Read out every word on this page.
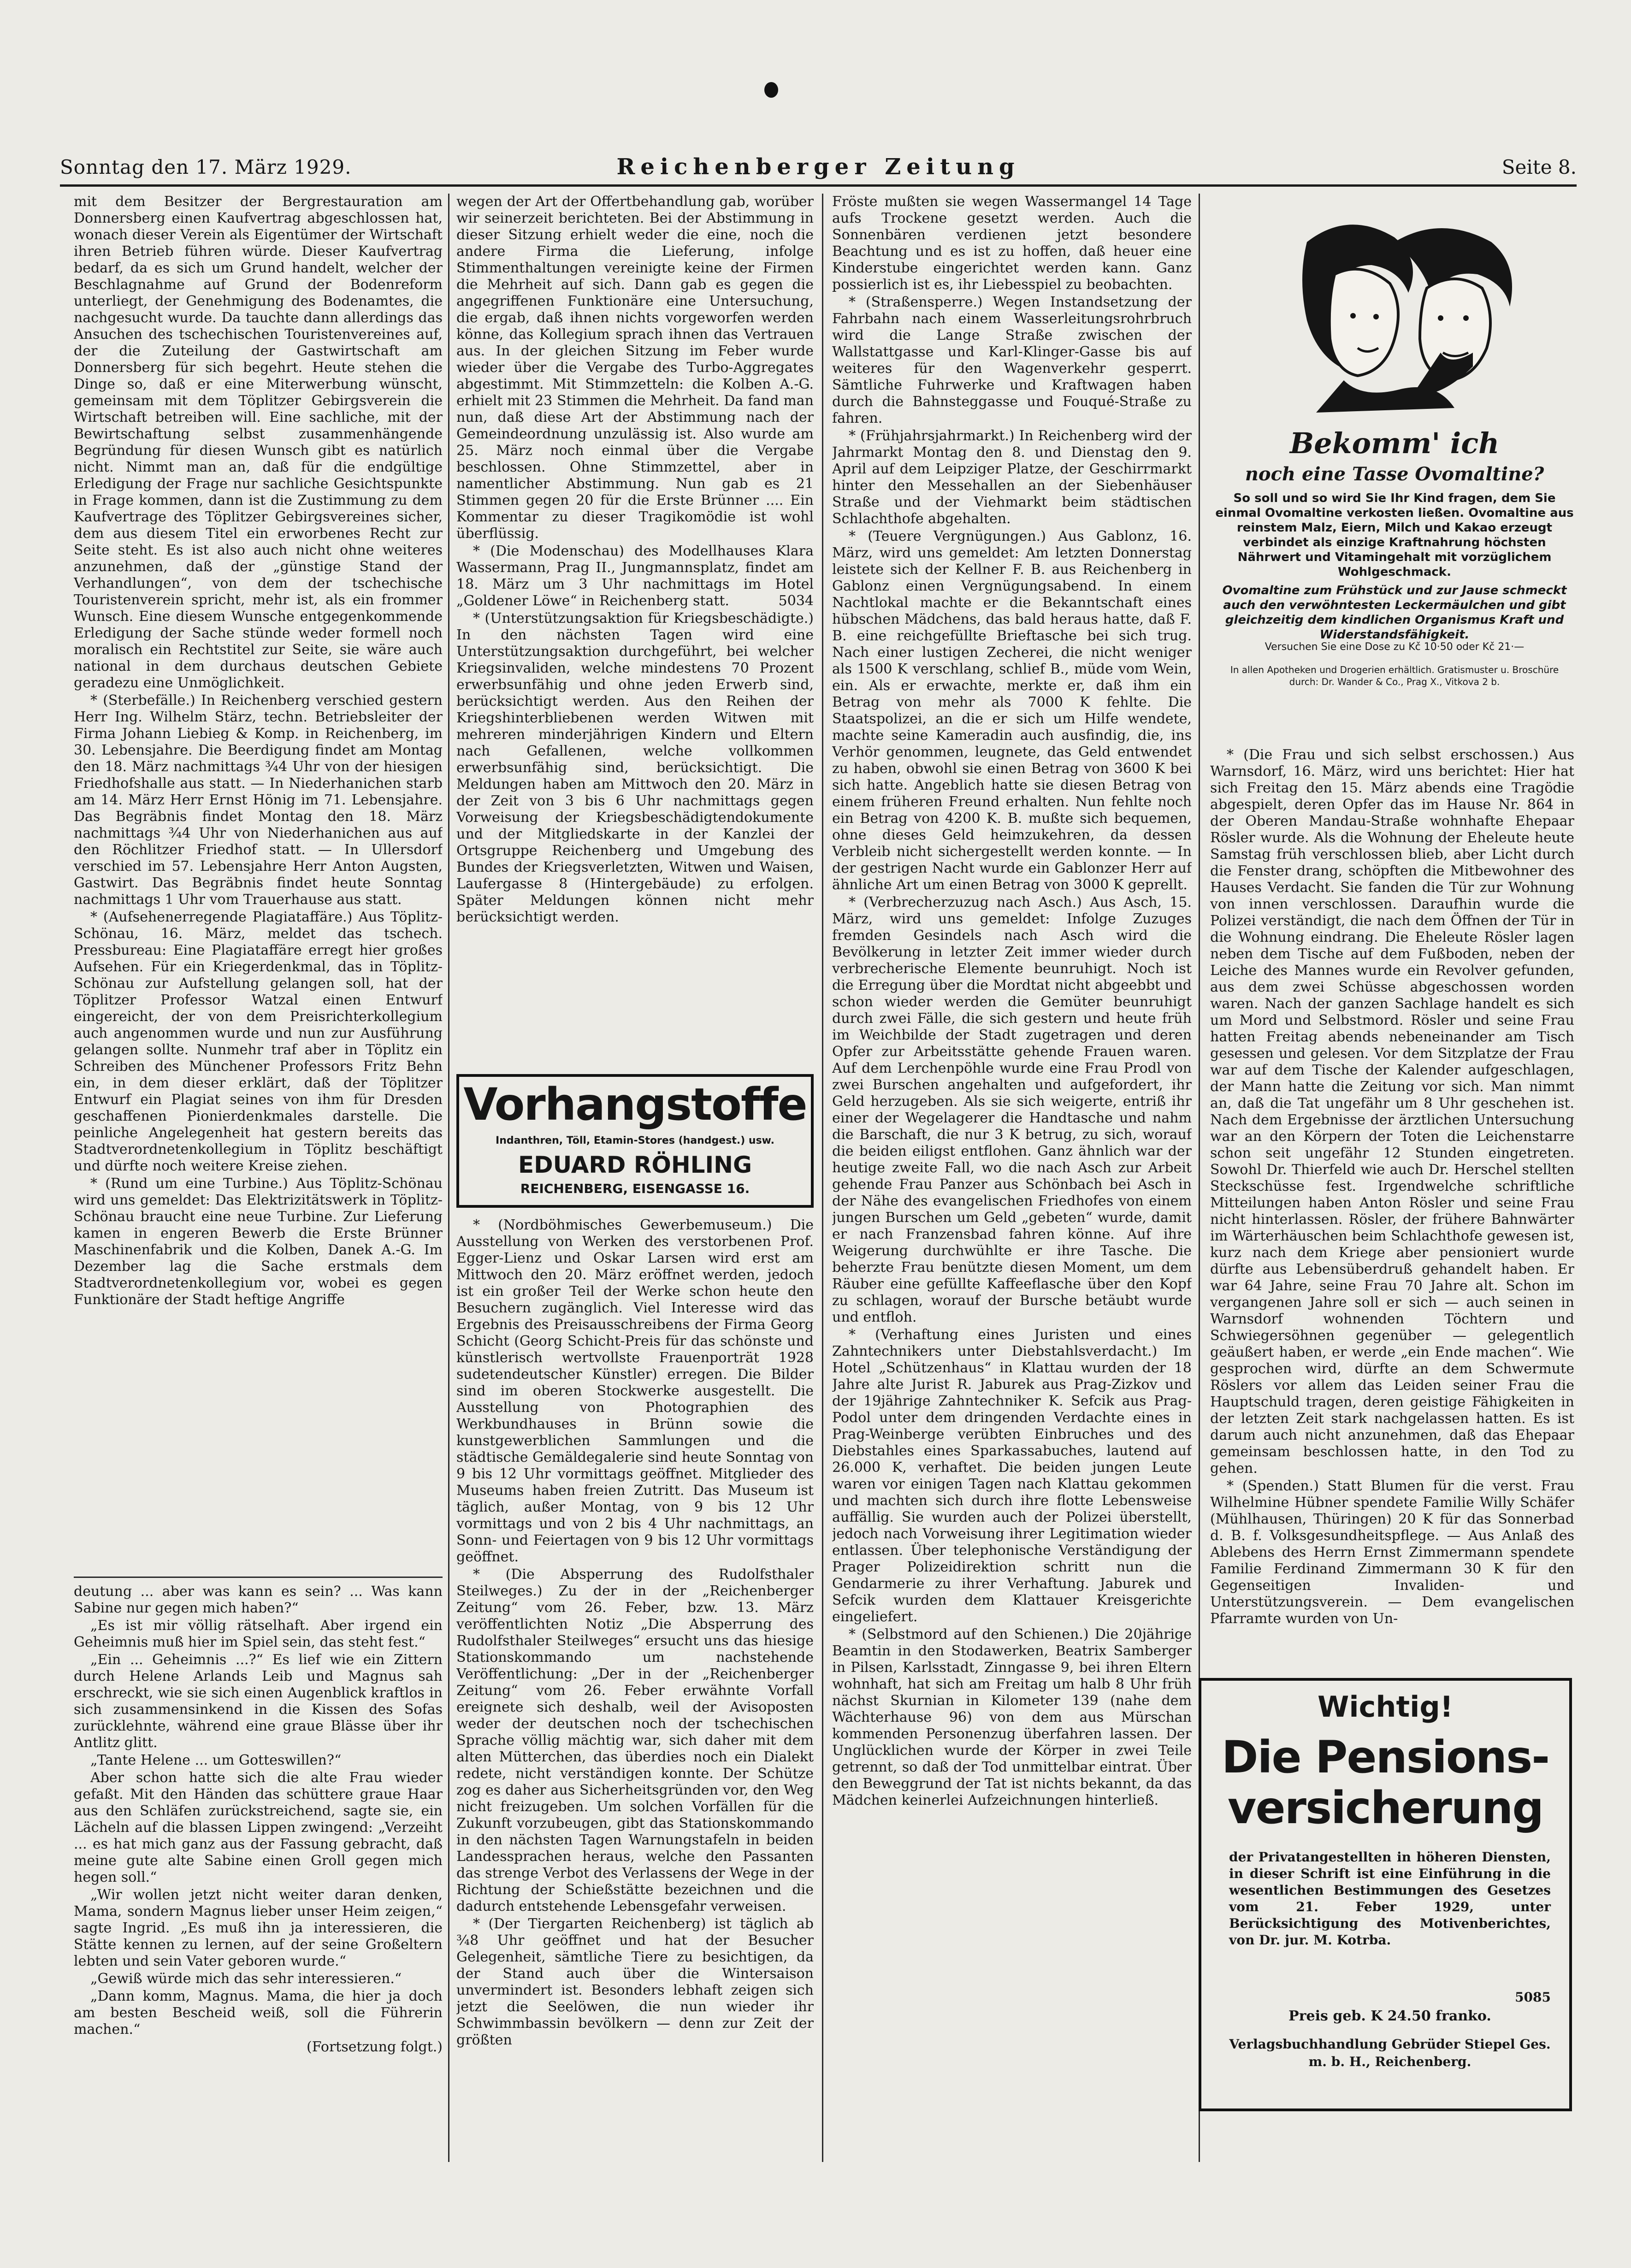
Sonntag den 17. März 1929.	Reichenberger Zeitung	Seite 8.

mit dem Besitzer der Bergrestauration am Donnersberg einen Kaufvertrag abgeschlossen hat, wonach dieser Verein als Eigentümer der Wirtschaft ihren Betrieb führen würde. Dieser Kaufvertrag bedarf, da es sich um Grund handelt, welcher der Beschlagnahme auf Grund der Bodenreform unterliegt, der Genehmigung des Bodenamtes, die nachgesucht wurde. Da tauchte dann allerdings das Ansuchen des tschechischen Touristenvereines auf, der die Zuteilung der Gastwirtschaft am Donnersberg für sich begehrt. Heute stehen die Dinge so, daß er eine Miterwerbung wünscht, gemeinsam mit dem Töplitzer Gebirgsverein die Wirtschaft betreiben will. Eine sachliche, mit der Bewirtschaftung selbst zusammenhängende Begründung für diesen Wunsch gibt es natürlich nicht. Nimmt man an, daß für die endgültige Erledigung der Frage nur sachliche Gesichtspunkte in Frage kommen, dann ist die Zustimmung zu dem Kaufvertrage des Töplitzer Gebirgsvereines sicher, dem aus diesem Titel ein erworbenes Recht zur Seite steht. Es ist also auch nicht ohne weiteres anzunehmen, daß der „günstige Stand der Verhandlungen“, von dem der tschechische Touristenverein spricht, mehr ist, als ein frommer Wunsch. Eine diesem Wunsche entgegenkommende Erledigung der Sache stünde weder formell noch moralisch ein Rechtstitel zur Seite, sie wäre auch national in dem durchaus deutschen Gebiete geradezu eine Unmöglichkeit.

* (Sterbefälle.) In Reichenberg verschied gestern Herr Ing. Wilhelm Stärz, techn. Betriebsleiter der Firma Johann Liebieg & Komp. in Reichenberg, im 30. Lebensjahre. Die Beerdigung findet am Montag den 18. März nachmittags ¾4 Uhr von der hiesigen Friedhofshalle aus statt. — In Niederhanichen starb am 14. März Herr Ernst Hönig im 71. Lebensjahre. Das Begräbnis findet Montag den 18. März nachmittags ¾4 Uhr von Niederhanichen aus auf den Röchlitzer Friedhof statt. — In Ullersdorf verschied im 57. Lebensjahre Herr Anton Augsten, Gastwirt. Das Begräbnis findet heute Sonntag nachmittags 1 Uhr vom Trauerhause aus statt.

* (Aufsehenerregende Plagiataffäre.) Aus Töplitz-Schönau, 16. März, meldet das tschech. Pressbureau: Eine Plagiataffäre erregt hier großes Aufsehen. Für ein Kriegerdenkmal, das in Töplitz-Schönau zur Aufstellung gelangen soll, hat der Töplitzer Professor Watzal einen Entwurf eingereicht, der von dem Preisrichterkollegium auch angenommen wurde und nun zur Ausführung gelangen sollte. Nunmehr traf aber in Töplitz ein Schreiben des Münchener Professors Fritz Behn ein, in dem dieser erklärt, daß der Töplitzer Entwurf ein Plagiat seines von ihm für Dresden geschaffenen Pionierdenkmales darstelle. Die peinliche Angelegenheit hat gestern bereits das Stadtverordnetenkollegium in Töplitz beschäftigt und dürfte noch weitere Kreise ziehen.

* (Rund um eine Turbine.) Aus Töplitz-Schönau wird uns gemeldet: Das Elektrizitätswerk in Töplitz-Schönau braucht eine neue Turbine. Zur Lieferung kamen in engeren Bewerb die Erste Brünner Maschinenfabrik und die Kolben, Danek A.-G. Im Dezember lag die Sache erstmals dem Stadtverordnetenkollegium vor, wobei es gegen Funktionäre der Stadt heftige Angriffe

deutung ... aber was kann es sein? ... Was kann Sabine nur gegen mich haben?“

„Es ist mir völlig rätselhaft. Aber irgend ein Geheimnis muß hier im Spiel sein, das steht fest.“

„Ein ... Geheimnis ...?“ Es lief wie ein Zittern durch Helene Arlands Leib und Magnus sah erschreckt, wie sie sich einen Augenblick kraftlos in sich zusammensinkend in die Kissen des Sofas zurücklehnte, während eine graue Blässe über ihr Antlitz glitt.

„Tante Helene ... um Gotteswillen?“

Aber schon hatte sich die alte Frau wieder gefaßt. Mit den Händen das schüttere graue Haar aus den Schläfen zurückstreichend, sagte sie, ein Lächeln auf die blassen Lippen zwingend: „Verzeiht ... es hat mich ganz aus der Fassung gebracht, daß meine gute alte Sabine einen Groll gegen mich hegen soll.“

„Wir wollen jetzt nicht weiter daran denken, Mama, sondern Magnus lieber unser Heim zeigen,“ sagte Ingrid. „Es muß ihn ja interessieren, die Stätte kennen zu lernen, auf der seine Großeltern lebten und sein Vater geboren wurde.“

„Gewiß würde mich das sehr interessieren.“

„Dann komm, Magnus. Mama, die hier ja doch am besten Bescheid weiß, soll die Führerin machen.“

(Fortsetzung folgt.)

wegen der Art der Offertbehandlung gab, worüber wir seinerzeit berichteten. Bei der Abstimmung in dieser Sitzung erhielt weder die eine, noch die andere Firma die Lieferung, infolge Stimmenthaltungen vereinigte keine der Firmen die Mehrheit auf sich. Dann gab es gegen die angegriffenen Funktionäre eine Untersuchung, die ergab, daß ihnen nichts vorgeworfen werden könne, das Kollegium sprach ihnen das Vertrauen aus. In der gleichen Sitzung im Feber wurde wieder über die Vergabe des Turbo-Aggregates abgestimmt. Mit Stimmzetteln: die Kolben A.-G. erhielt mit 23 Stimmen die Mehrheit. Da fand man nun, daß diese Art der Abstimmung nach der Gemeindeordnung unzulässig ist. Also wurde am 25. März noch einmal über die Vergabe beschlossen. Ohne Stimmzettel, aber in namentlicher Abstimmung. Nun gab es 21 Stimmen gegen 20 für die Erste Brünner .... Ein Kommentar zu dieser Tragikomödie ist wohl überflüssig.

* (Die Modenschau) des Modellhauses Klara Wassermann, Prag II., Jungmannsplatz, findet am 18. März um 3 Uhr nachmittags im Hotel „Goldener Löwe“ in Reichenberg statt.	5034

* (Unterstützungsaktion für Kriegsbeschädigte.) In den nächsten Tagen wird eine Unterstützungsaktion durchgeführt, bei welcher Kriegsinvaliden, welche mindestens 70 Prozent erwerbsunfähig und ohne jeden Erwerb sind, berücksichtigt werden. Aus den Reihen der Kriegshinterbliebenen werden Witwen mit mehreren minderjährigen Kindern und Eltern nach Gefallenen, welche vollkommen erwerbsunfähig sind, berücksichtigt. Die Meldungen haben am Mittwoch den 20. März in der Zeit von 3 bis 6 Uhr nachmittags gegen Vorweisung der Kriegsbeschädigtendokumente und der Mitgliedskarte in der Kanzlei der Ortsgruppe Reichenberg und Umgebung des Bundes der Kriegsverletzten, Witwen und Waisen, Laufergasse 8 (Hintergebäude) zu erfolgen. Später Meldungen können nicht mehr berücksichtigt werden.

Vorhangstoffe
Indanthren, Töll, Etamin-Stores (handgest.) usw.
EDUARD RÖHLING
REICHENBERG, EISENGASSE 16.

* (Nordböhmisches Gewerbemuseum.) Die Ausstellung von Werken des verstorbenen Prof. Egger-Lienz und Oskar Larsen wird erst am Mittwoch den 20. März eröffnet werden, jedoch ist ein großer Teil der Werke schon heute den Besuchern zugänglich. Viel Interesse wird das Ergebnis des Preisausschreibens der Firma Georg Schicht (Georg Schicht-Preis für das schönste und künstlerisch wertvollste Frauenporträt 1928 sudetendeutscher Künstler) erregen. Die Bilder sind im oberen Stockwerke ausgestellt. Die Ausstellung von Photographien des Werkbundhauses in Brünn sowie die kunstgewerblichen Sammlungen und die städtische Gemäldegalerie sind heute Sonntag von 9 bis 12 Uhr vormittags geöffnet. Mitglieder des Museums haben freien Zutritt. Das Museum ist täglich, außer Montag, von 9 bis 12 Uhr vormittags und von 2 bis 4 Uhr nachmittags, an Sonn- und Feiertagen von 9 bis 12 Uhr vormittags geöffnet.

* (Die Absperrung des Rudolfsthaler Steilweges.) Zu der in der „Reichenberger Zeitung“ vom 26. Feber, bzw. 13. März veröffentlichten Notiz „Die Absperrung des Rudolfsthaler Steilweges“ ersucht uns das hiesige Stationskommando um nachstehende Veröffentlichung: „Der in der „Reichenberger Zeitung“ vom 26. Feber erwähnte Vorfall ereignete sich deshalb, weil der Avisoposten weder der deutschen noch der tschechischen Sprache völlig mächtig war, sich daher mit dem alten Mütterchen, das überdies noch ein Dialekt redete, nicht verständigen konnte. Der Schütze zog es daher aus Sicherheitsgründen vor, den Weg nicht freizugeben. Um solchen Vorfällen für die Zukunft vorzubeugen, gibt das Stationskommando in den nächsten Tagen Warnungstafeln in beiden Landessprachen heraus, welche den Passanten das strenge Verbot des Verlassens der Wege in der Richtung der Schießstätte bezeichnen und die dadurch entstehende Lebensgefahr verweisen.

* (Der Tiergarten Reichenberg) ist täglich ab ¾8 Uhr geöffnet und hat der Besucher Gelegenheit, sämtliche Tiere zu besichtigen, da der Stand auch über die Wintersaison unvermindert ist. Besonders lebhaft zeigen sich jetzt die Seelöwen, die nun wieder ihr Schwimmbassin bevölkern — denn zur Zeit der größten

Fröste mußten sie wegen Wassermangel 14 Tage aufs Trockene gesetzt werden. Auch die Sonnenbären verdienen jetzt besondere Beachtung und es ist zu hoffen, daß heuer eine Kinderstube eingerichtet werden kann. Ganz possierlich ist es, ihr Liebesspiel zu beobachten.

* (Straßensperre.) Wegen Instandsetzung der Fahrbahn nach einem Wasserleitungsrohrbruch wird die Lange Straße zwischen der Wallstattgasse und Karl-Klinger-Gasse bis auf weiteres für den Wagenverkehr gesperrt. Sämtliche Fuhrwerke und Kraftwagen haben durch die Bahnsteggasse und Fouqué-Straße zu fahren.

* (Frühjahrsjahrmarkt.) In Reichenberg wird der Jahrmarkt Montag den 8. und Dienstag den 9. April auf dem Leipziger Platze, der Geschirrmarkt hinter den Messehallen an der Siebenhäuser Straße und der Viehmarkt beim städtischen Schlachthofe abgehalten.

* (Teuere Vergnügungen.) Aus Gablonz, 16. März, wird uns gemeldet: Am letzten Donnerstag leistete sich der Kellner F. B. aus Reichenberg in Gablonz einen Vergnügungsabend. In einem Nachtlokal machte er die Bekanntschaft eines hübschen Mädchens, das bald heraus hatte, daß F. B. eine reichgefüllte Brieftasche bei sich trug. Nach einer lustigen Zecherei, die nicht weniger als 1500 K verschlang, schlief B., müde vom Wein, ein. Als er erwachte, merkte er, daß ihm ein Betrag von mehr als 7000 K fehlte. Die Staatspolizei, an die er sich um Hilfe wendete, machte seine Kameradin auch ausfindig, die, ins Verhör genommen, leugnete, das Geld entwendet zu haben, obwohl sie einen Betrag von 3600 K bei sich hatte. Angeblich hatte sie diesen Betrag von einem früheren Freund erhalten. Nun fehlte noch ein Betrag von 4200 K. B. mußte sich bequemen, ohne dieses Geld heimzukehren, da dessen Verbleib nicht sichergestellt werden konnte. — In der gestrigen Nacht wurde ein Gablonzer Herr auf ähnliche Art um einen Betrag von 3000 K geprellt.

* (Verbrecherzuzug nach Asch.) Aus Asch, 15. März, wird uns gemeldet: Infolge Zuzuges fremden Gesindels nach Asch wird die Bevölkerung in letzter Zeit immer wieder durch verbrecherische Elemente beunruhigt. Noch ist die Erregung über die Mordtat nicht abgeebbt und schon wieder werden die Gemüter beunruhigt durch zwei Fälle, die sich gestern und heute früh im Weichbilde der Stadt zugetragen und deren Opfer zur Arbeitsstätte gehende Frauen waren. Auf dem Lerchenpöhle wurde eine Frau Prodl von zwei Burschen angehalten und aufgefordert, ihr Geld herzugeben. Als sie sich weigerte, entriß ihr einer der Wegelagerer die Handtasche und nahm die Barschaft, die nur 3 K betrug, zu sich, worauf die beiden eiligst entflohen. Ganz ähnlich war der heutige zweite Fall, wo die nach Asch zur Arbeit gehende Frau Panzer aus Schönbach bei Asch in der Nähe des evangelischen Friedhofes von einem jungen Burschen um Geld „gebeten“ wurde, damit er nach Franzensbad fahren könne. Auf ihre Weigerung durchwühlte er ihre Tasche. Die beherzte Frau benützte diesen Moment, um dem Räuber eine gefüllte Kaffeeflasche über den Kopf zu schlagen, worauf der Bursche betäubt wurde und entfloh.

* (Verhaftung eines Juristen und eines Zahntechnikers unter Diebstahlsverdacht.) Im Hotel „Schützenhaus“ in Klattau wurden der 18 Jahre alte Jurist R. Jaburek aus Prag-Zizkov und der 19jährige Zahntechniker K. Sefcik aus Prag-Podol unter dem dringenden Verdachte eines in Prag-Weinberge verübten Einbruches und des Diebstahles eines Sparkassabuches, lautend auf 26.000 K, verhaftet. Die beiden jungen Leute waren vor einigen Tagen nach Klattau gekommen und machten sich durch ihre flotte Lebensweise auffällig. Sie wurden auch der Polizei überstellt, jedoch nach Vorweisung ihrer Legitimation wieder entlassen. Über telephonische Verständigung der Prager Polizeidirektion schritt nun die Gendarmerie zu ihrer Verhaftung. Jaburek und Sefcik wurden dem Klattauer Kreisgerichte eingeliefert.

* (Selbstmord auf den Schienen.) Die 20jährige Beamtin in den Stodawerken, Beatrix Samberger in Pilsen, Karlsstadt, Zinngasse 9, bei ihren Eltern wohnhaft, hat sich am Freitag um halb 8 Uhr früh nächst Skurnian in Kilometer 139 (nahe dem Wächterhause 96) von dem aus Mürschan kommenden Personenzug überfahren lassen. Der Unglücklichen wurde der Körper in zwei Teile getrennt, so daß der Tod unmittelbar eintrat. Über den Beweggrund der Tat ist nichts bekannt, da das Mädchen keinerlei Aufzeichnungen hinterließ.

Bekomm' ich
noch eine Tasse Ovomaltine?
So soll und so wird Sie Ihr Kind fragen, dem Sie einmal Ovomaltine verkosten ließen. Ovomaltine aus reinstem Malz, Eiern, Milch und Kakao erzeugt verbindet als einzige Kraftnahrung höchsten Nährwert und Vitamingehalt mit vorzüglichem Wohlgeschmack.
Ovomaltine zum Frühstück und zur Jause schmeckt auch den verwöhntesten Leckermäulchen und gibt gleichzeitig dem kindlichen Organismus Kraft und Widerstandsfähigkeit.
Versuchen Sie eine Dose zu Kč 10·50 oder Kč 21·—
In allen Apotheken und Drogerien erhältlich. Gratismuster u. Broschüre durch: Dr. Wander & Co., Prag X., Vitkova 2 b.

* (Die Frau und sich selbst erschossen.) Aus Warnsdorf, 16. März, wird uns berichtet: Hier hat sich Freitag den 15. März abends eine Tragödie abgespielt, deren Opfer das im Hause Nr. 864 in der Oberen Mandau-Straße wohnhafte Ehepaar Rösler wurde. Als die Wohnung der Eheleute heute Samstag früh verschlossen blieb, aber Licht durch die Fenster drang, schöpften die Mitbewohner des Hauses Verdacht. Sie fanden die Tür zur Wohnung von innen verschlossen. Daraufhin wurde die Polizei verständigt, die nach dem Öffnen der Tür in die Wohnung eindrang. Die Eheleute Rösler lagen neben dem Tische auf dem Fußboden, neben der Leiche des Mannes wurde ein Revolver gefunden, aus dem zwei Schüsse abgeschossen worden waren. Nach der ganzen Sachlage handelt es sich um Mord und Selbstmord. Rösler und seine Frau hatten Freitag abends nebeneinander am Tisch gesessen und gelesen. Vor dem Sitzplatze der Frau war auf dem Tische der Kalender aufgeschlagen, der Mann hatte die Zeitung vor sich. Man nimmt an, daß die Tat ungefähr um 8 Uhr geschehen ist. Nach dem Ergebnisse der ärztlichen Untersuchung war an den Körpern der Toten die Leichenstarre schon seit ungefähr 12 Stunden eingetreten. Sowohl Dr. Thierfeld wie auch Dr. Herschel stellten Steckschüsse fest. Irgendwelche schriftliche Mitteilungen haben Anton Rösler und seine Frau nicht hinterlassen. Rösler, der frühere Bahnwärter im Wärterhäuschen beim Schlachthofe gewesen ist, kurz nach dem Kriege aber pensioniert wurde dürfte aus Lebensüberdruß gehandelt haben. Er war 64 Jahre, seine Frau 70 Jahre alt. Schon im vergangenen Jahre soll er sich — auch seinen in Warnsdorf wohnenden Töchtern und Schwiegersöhnen gegenüber — gelegentlich geäußert haben, er werde „ein Ende machen“. Wie gesprochen wird, dürfte an dem Schwermute Röslers vor allem das Leiden seiner Frau die Hauptschuld tragen, deren geistige Fähigkeiten in der letzten Zeit stark nachgelassen hatten. Es ist darum auch nicht anzunehmen, daß das Ehepaar gemeinsam beschlossen hatte, in den Tod zu gehen.

* (Spenden.) Statt Blumen für die verst. Frau Wilhelmine Hübner spendete Familie Willy Schäfer (Mühlhausen, Thüringen) 20 K für das Sonnerbad d. B. f. Volksgesundheitspflege. — Aus Anlaß des Ablebens des Herrn Ernst Zimmermann spendete Familie Ferdinand Zimmermann 30 K für den Gegenseitigen Invaliden- und Unterstützungsverein. — Dem evangelischen Pfarramte wurden von Un-

Wichtig!
Die Pensions-
versicherung
der Privatangestellten in höheren Diensten, in dieser Schrift ist eine Einführung in die wesentlichen Bestimmungen des Gesetzes vom 21. Feber 1929, unter Berücksichtigung des Motivenberichtes, von Dr. jur. M. Kotrba.
5085
Preis geb. K 24.50 franko.
Verlagsbuchhandlung Gebrüder Stiepel Ges. m. b. H., Reichenberg.
